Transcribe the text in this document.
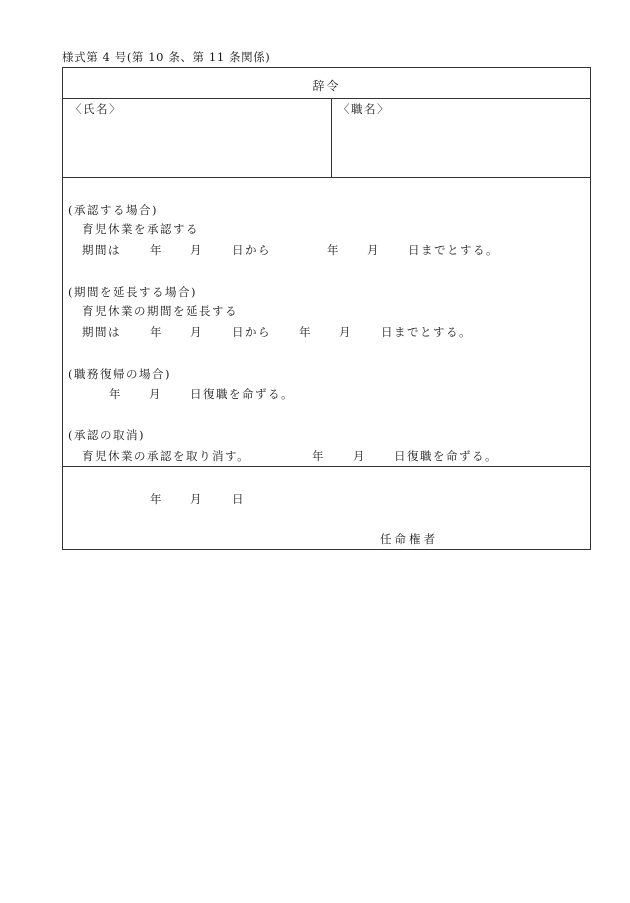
様式第 4 号(第 10 条、第 11 条関係)
辞令
〈氏名〉	〈職名〉
(承認する場合)
育児休業を承認する
期間は	年 月	日から	年 月 日までとする。
(期間を延長する場合)
育児休業の期間を延長する
期間は	年 月	日から 年 月	日までとする。
(職務復帰の場合)
年 月 日復職を命ずる。
(承認の取消)
育児休業の承認を取り消す。	年 月 日復職を命ずる。
年 月	日
任命権者
